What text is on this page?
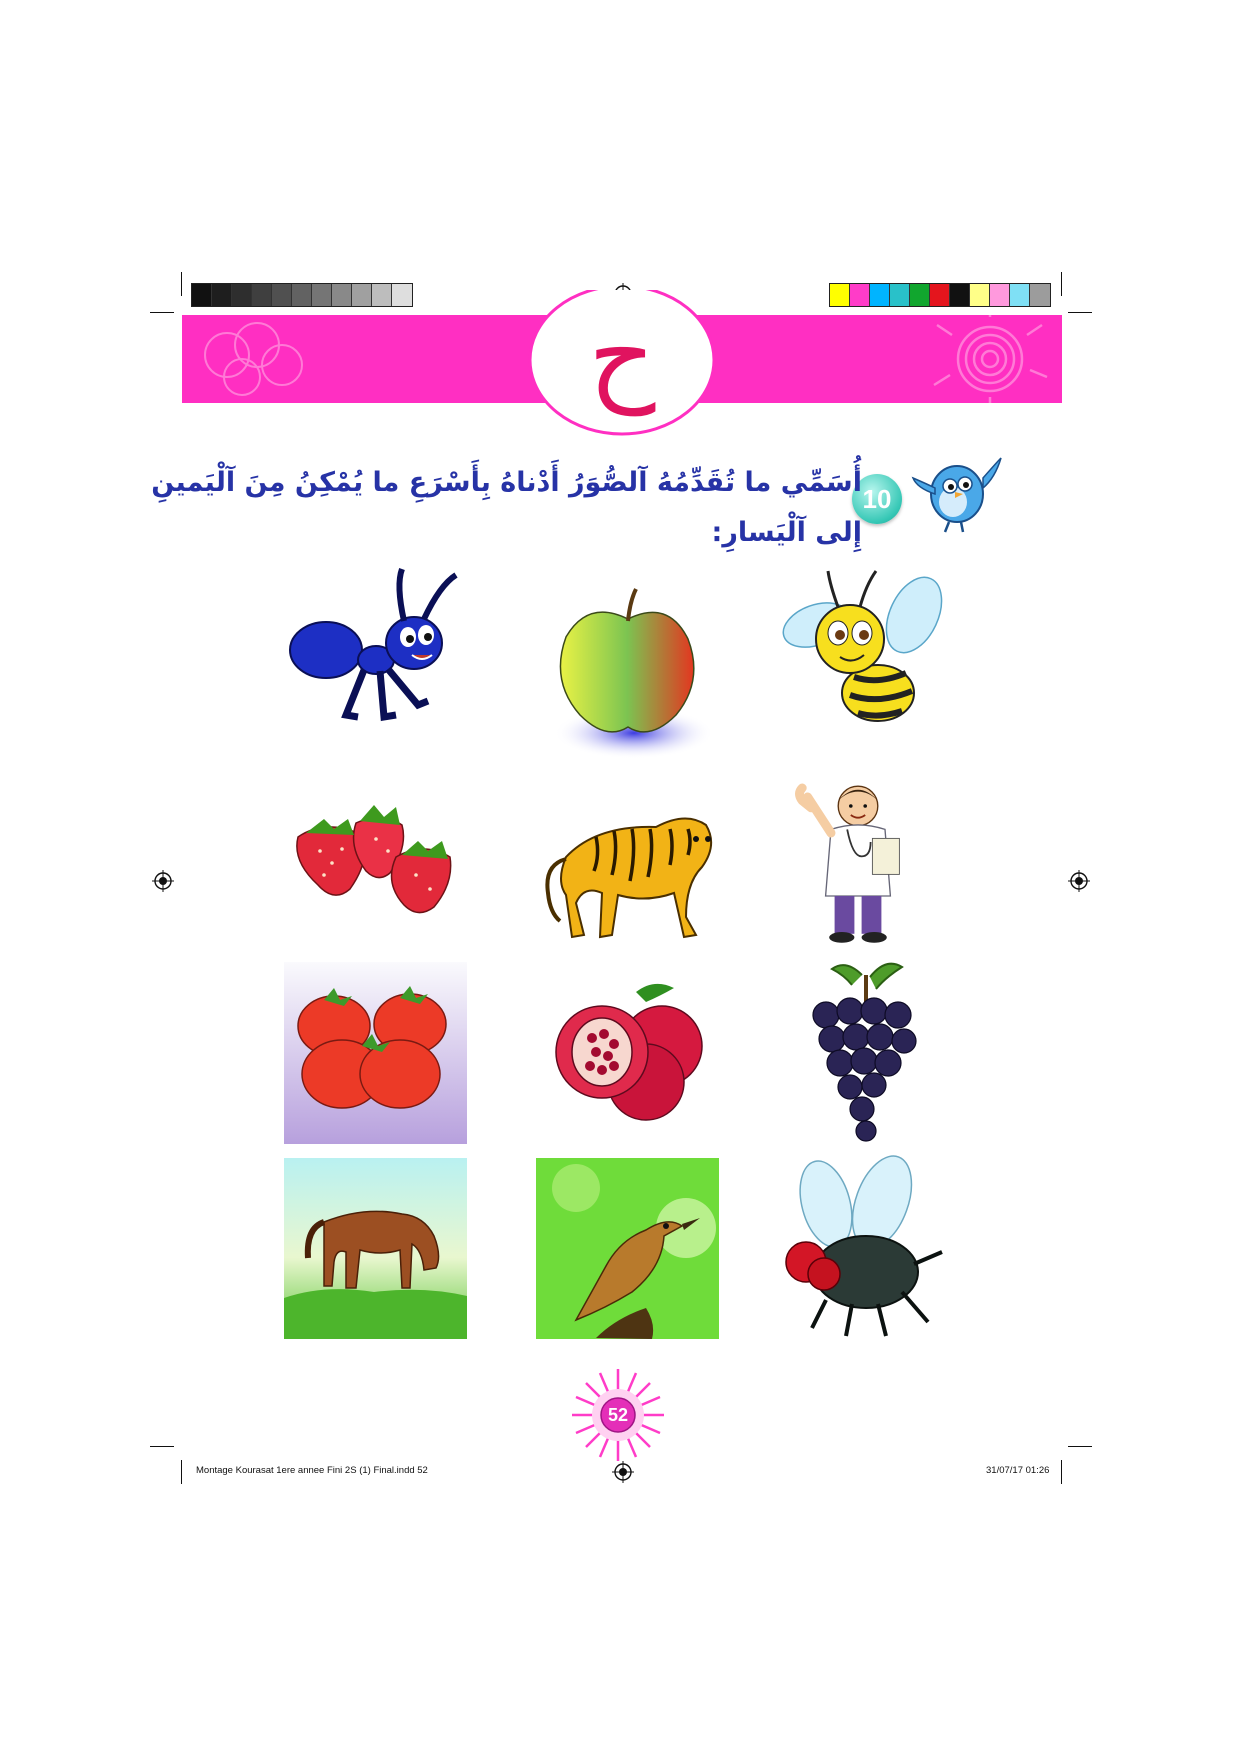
ح
10
أُسَمِّي ما تُقَدِّمُهُ آلصُّوَرُ أَدْناهُ بِأَسْرَعِ ما يُمْكِنُ مِنَ آلْيَمينِ
إِلى آلْيَسارِ:
52
Montage Kourasat 1ere annee Fini 2S (1) Final.indd 52	31/07/17 01:26
